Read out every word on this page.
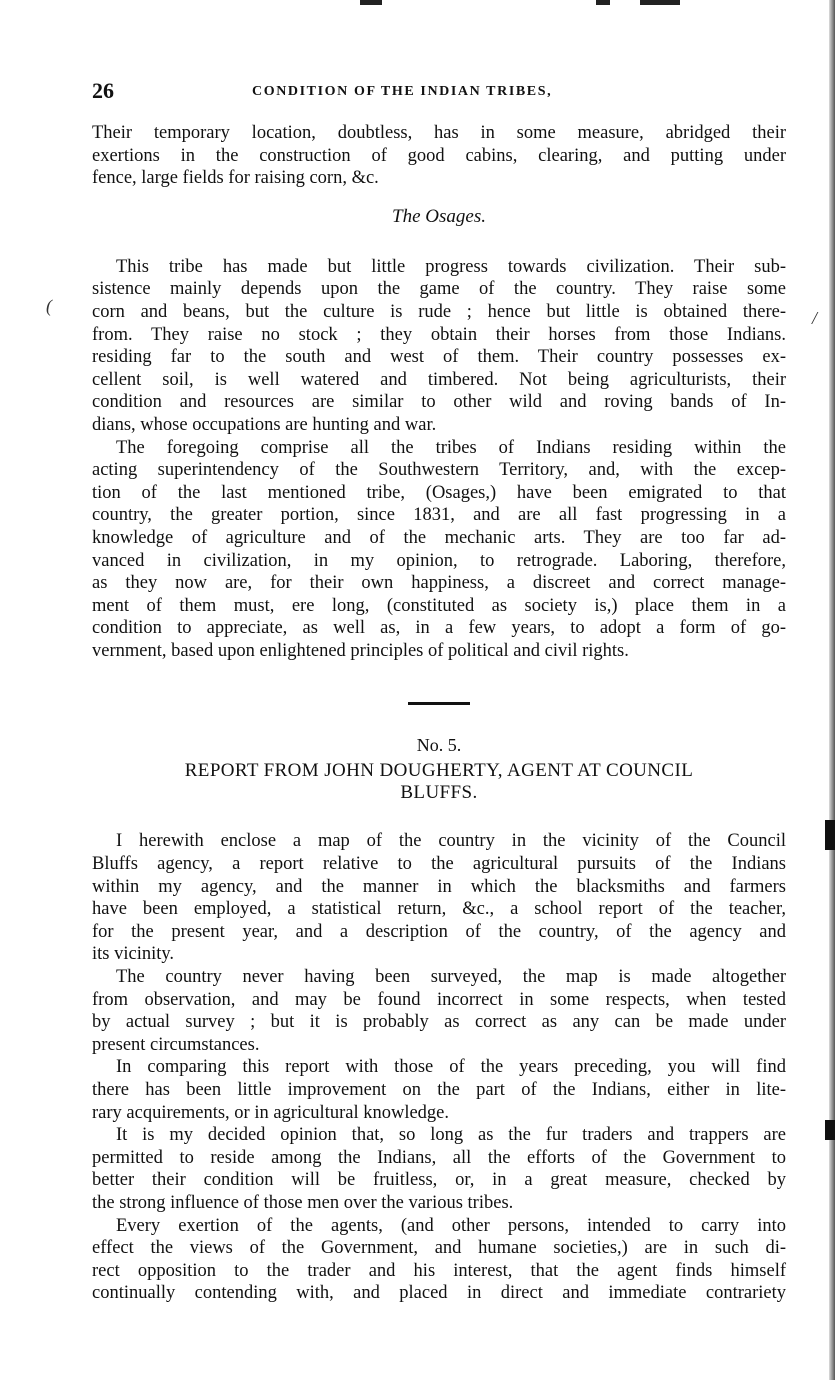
(
/
26	CONDITION OF THE INDIAN TRIBES,

Their temporary location, doubtless, has in some measure, abridged their
exertions in the construction of good cabins, clearing, and putting under
fence, large fields for raising corn, &c.

The Osages.

This tribe has made but little progress towards civilization. Their sub-
sistence mainly depends upon the game of the country. They raise some
corn and beans, but the culture is rude ; hence but little is obtained there-
from. They raise no stock ; they obtain their horses from those Indians.
residing far to the south and west of them. Their country possesses ex-
cellent soil, is well watered and timbered. Not being agriculturists, their
condition and resources are similar to other wild and roving bands of In-
dians, whose occupations are hunting and war.

The foregoing comprise all the tribes of Indians residing within the
acting superintendency of the Southwestern Territory, and, with the excep-
tion of the last mentioned tribe, (Osages,) have been emigrated to that
country, the greater portion, since 1831, and are all fast progressing in a
knowledge of agriculture and of the mechanic arts. They are too far ad-
vanced in civilization, in my opinion, to retrograde. Laboring, therefore,
as they now are, for their own happiness, a discreet and correct manage-
ment of them must, ere long, (constituted as society is,) place them in a
condition to appreciate, as well as, in a few years, to adopt a form of go-
vernment, based upon enlightened principles of political and civil rights.

No. 5.
REPORT FROM JOHN DOUGHERTY, AGENT AT COUNCIL
BLUFFS.

I herewith enclose a map of the country in the vicinity of the Council
Bluffs agency, a report relative to the agricultural pursuits of the Indians
within my agency, and the manner in which the blacksmiths and farmers
have been employed, a statistical return, &c., a school report of the teacher,
for the present year, and a description of the country, of the agency and
its vicinity.

The country never having been surveyed, the map is made altogether
from observation, and may be found incorrect in some respects, when tested
by actual survey ; but it is probably as correct as any can be made under
present circumstances.

In comparing this report with those of the years preceding, you will find
there has been little improvement on the part of the Indians, either in lite-
rary acquirements, or in agricultural knowledge.

It is my decided opinion that, so long as the fur traders and trappers are
permitted to reside among the Indians, all the efforts of the Government to
better their condition will be fruitless, or, in a great measure, checked by
the strong influence of those men over the various tribes.

Every exertion of the agents, (and other persons, intended to carry into
effect the views of the Government, and humane societies,) are in such di-
rect opposition to the trader and his interest, that the agent finds himself
continually contending with, and placed in direct and immediate contrariety
